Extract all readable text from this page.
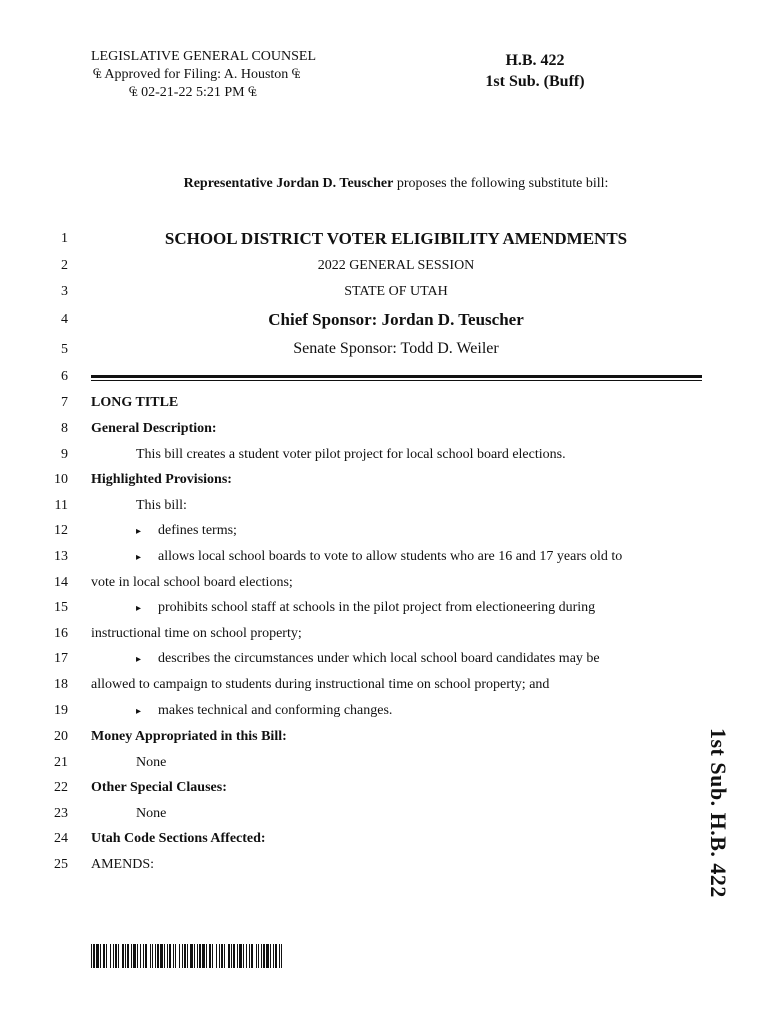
LEGISLATIVE GENERAL COUNSEL
₠ Approved for Filing: A. Houston ₠
₠ 02-21-22 5:21 PM ₠
H.B. 422
1st Sub. (Buff)
Representative Jordan D. Teuscher proposes the following substitute bill:
1
2
3
4
5
6
7
8
9
10
11
12
13
14
15
16
17
18
19
20
21
22
23
24
25
SCHOOL DISTRICT VOTER ELIGIBILITY AMENDMENTS
2022 GENERAL SESSION
STATE OF UTAH
Chief Sponsor: Jordan D. Teuscher
Senate Sponsor: Todd D. Weiler
LONG TITLE
General Description:
This bill creates a student voter pilot project for local school board elections.
Highlighted Provisions:
This bill:
▸ defines terms;
▸ allows local school boards to vote to allow students who are 16 and 17 years old to
vote in local school board elections;
▸ prohibits school staff at schools in the pilot project from electioneering during
instructional time on school property;
▸ describes the circumstances under which local school board candidates may be
allowed to campaign to students during instructional time on school property; and
▸ makes technical and conforming changes.
Money Appropriated in this Bill:
None
Other Special Clauses:
None
Utah Code Sections Affected:
AMENDS:	1st Sub. H.B. 422
